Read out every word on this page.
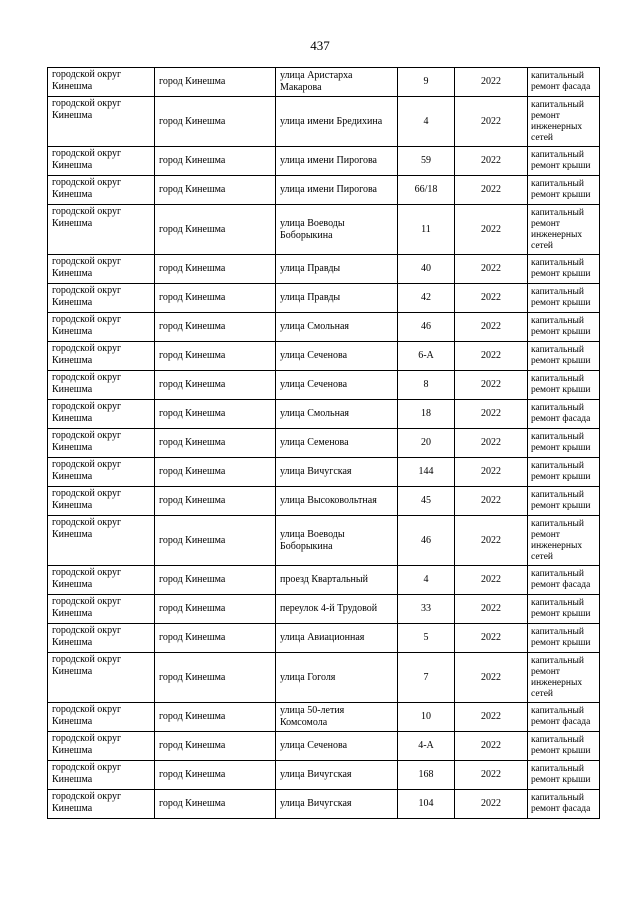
437
городской округ Кинешма	город Кинешма	улица Аристарха Макарова	9	2022	капитальный ремонт фасада
городской округ Кинешма	город Кинешма	улица имени Бредихина	4	2022	капитальный ремонт инженерных сетей
городской округ Кинешма	город Кинешма	улица имени Пирогова	59	2022	капитальный ремонт крыши
городской округ Кинешма	город Кинешма	улица имени Пирогова	66/18	2022	капитальный ремонт крыши
городской округ Кинешма	город Кинешма	улица Воеводы Боборыкина	11	2022	капитальный ремонт инженерных сетей
городской округ Кинешма	город Кинешма	улица Правды	40	2022	капитальный ремонт крыши
городской округ Кинешма	город Кинешма	улица Правды	42	2022	капитальный ремонт крыши
городской округ Кинешма	город Кинешма	улица Смольная	46	2022	капитальный ремонт крыши
городской округ Кинешма	город Кинешма	улица Сеченова	6-А	2022	капитальный ремонт крыши
городской округ Кинешма	город Кинешма	улица Сеченова	8	2022	капитальный ремонт крыши
городской округ Кинешма	город Кинешма	улица Смольная	18	2022	капитальный ремонт фасада
городской округ Кинешма	город Кинешма	улица Семенова	20	2022	капитальный ремонт крыши
городской округ Кинешма	город Кинешма	улица Вичугская	144	2022	капитальный ремонт крыши
городской округ Кинешма	город Кинешма	улица Высоковольтная	45	2022	капитальный ремонт крыши
городской округ Кинешма	город Кинешма	улица Воеводы Боборыкина	46	2022	капитальный ремонт инженерных сетей
городской округ Кинешма	город Кинешма	проезд Квартальный	4	2022	капитальный ремонт фасада
городской округ Кинешма	город Кинешма	переулок 4-й Трудовой	33	2022	капитальный ремонт крыши
городской округ Кинешма	город Кинешма	улица Авиационная	5	2022	капитальный ремонт крыши
городской округ Кинешма	город Кинешма	улица Гоголя	7	2022	капитальный ремонт инженерных сетей
городской округ Кинешма	город Кинешма	улица 50-летия Комсомола	10	2022	капитальный ремонт фасада
городской округ Кинешма	город Кинешма	улица Сеченова	4-А	2022	капитальный ремонт крыши
городской округ Кинешма	город Кинешма	улица Вичугская	168	2022	капитальный ремонт крыши
городской округ Кинешма	город Кинешма	улица Вичугская	104	2022	капитальный ремонт фасада
